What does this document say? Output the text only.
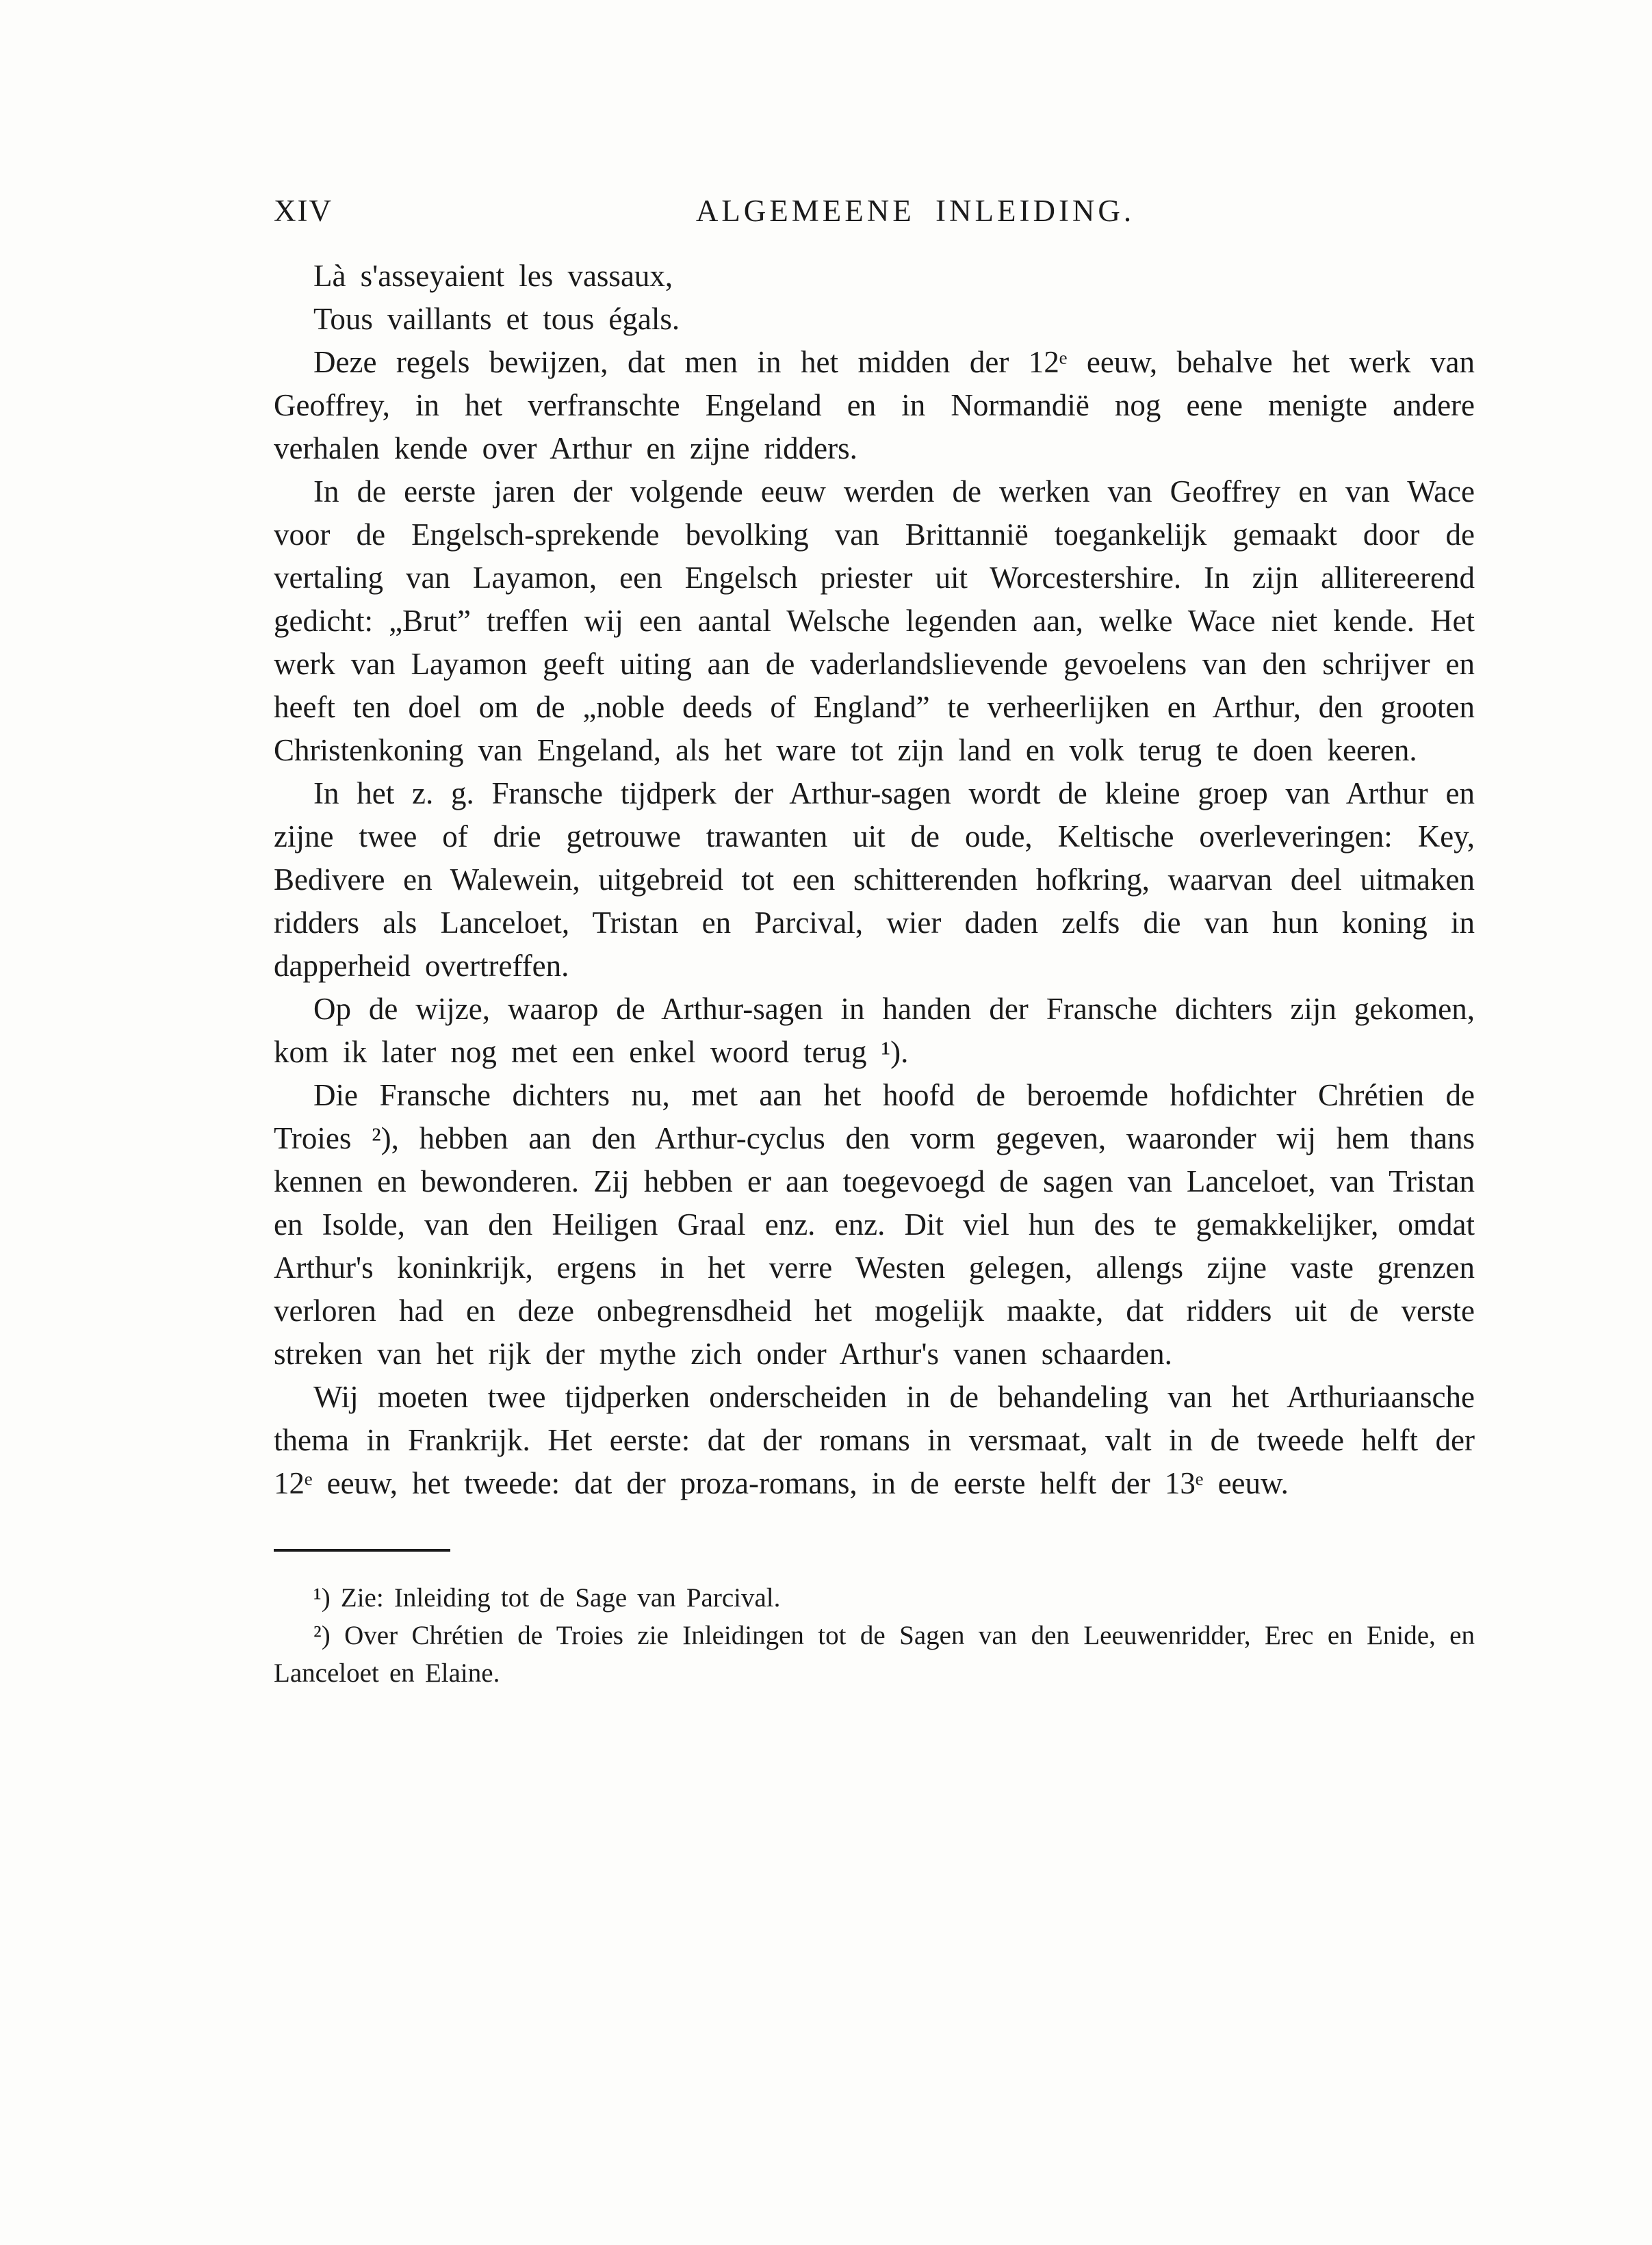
XIV	ALGEMEENE INLEIDING.
Là s'asseyaient les vassaux,
Tous vaillants et tous égals.

Deze regels bewijzen, dat men in het midden der 12ᵉ eeuw, behalve het werk van Geoffrey, in het verfranschte Engeland en in Normandië nog eene menigte andere verhalen kende over Arthur en zijne ridders.

In de eerste jaren der volgende eeuw werden de werken van Geoffrey en van Wace voor de Engelsch-sprekende bevolking van Brittannië toegankelijk gemaakt door de vertaling van Layamon, een Engelsch priester uit Worcestershire. In zijn allitereerend gedicht: „Brut” treffen wij een aantal Welsche legenden aan, welke Wace niet kende. Het werk van Layamon geeft uiting aan de vaderlandslievende gevoelens van den schrijver en heeft ten doel om de „noble deeds of England” te verheerlijken en Arthur, den grooten Christenkoning van Engeland, als het ware tot zijn land en volk terug te doen keeren.

In het z. g. Fransche tijdperk der Arthur-sagen wordt de kleine groep van Arthur en zijne twee of drie getrouwe trawanten uit de oude, Keltische overleveringen: Key, Bedivere en Walewein, uitgebreid tot een schitterenden hofkring, waarvan deel uitmaken ridders als Lanceloet, Tristan en Parcival, wier daden zelfs die van hun koning in dapperheid overtreffen.

Op de wijze, waarop de Arthur-sagen in handen der Fransche dichters zijn gekomen, kom ik later nog met een enkel woord terug ¹).

Die Fransche dichters nu, met aan het hoofd de beroemde hofdichter Chrétien de Troies ²), hebben aan den Arthur-cyclus den vorm gegeven, waaronder wij hem thans kennen en bewonderen. Zij hebben er aan toegevoegd de sagen van Lanceloet, van Tristan en Isolde, van den Heiligen Graal enz. enz. Dit viel hun des te gemakkelijker, omdat Arthur's koninkrijk, ergens in het verre Westen gelegen, allengs zijne vaste grenzen verloren had en deze onbegrensdheid het mogelijk maakte, dat ridders uit de verste streken van het rijk der mythe zich onder Arthur's vanen schaarden.

Wij moeten twee tijdperken onderscheiden in de behandeling van het Arthuriaansche thema in Frankrijk. Het eerste: dat der romans in versmaat, valt in de tweede helft der 12ᵉ eeuw, het tweede: dat der proza-romans, in de eerste helft der 13ᵉ eeuw.

¹) Zie: Inleiding tot de Sage van Parcival.

²) Over Chrétien de Troies zie Inleidingen tot de Sagen van den Leeuwenridder, Erec en Enide, en Lanceloet en Elaine.
